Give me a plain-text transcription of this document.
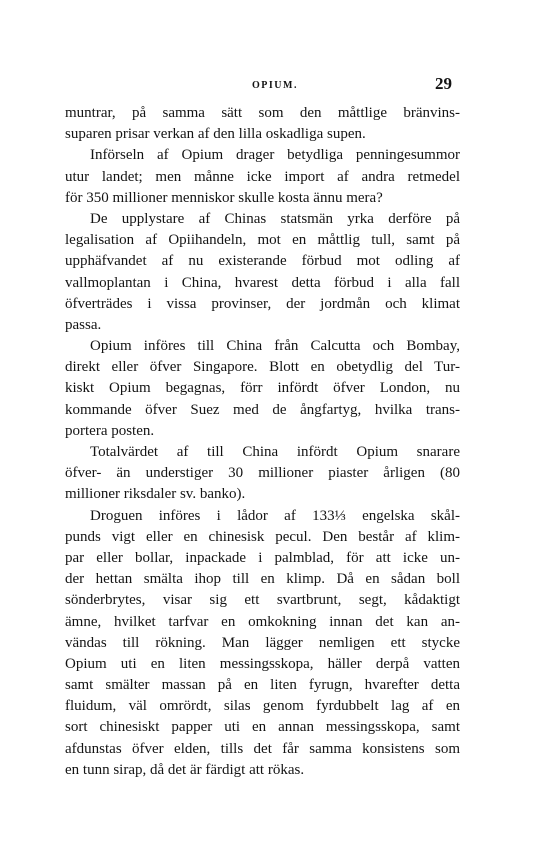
OPIUM.	29
muntrar, på samma sätt som den måttlige bränvins-
suparen prisar verkan af den lilla oskadliga supen.
Införseln af Opium drager betydliga penningesummor
utur landet; men månne icke import af andra retmedel
för 350 millioner menniskor skulle kosta ännu mera?
De upplystare af Chinas statsmän yrka derföre på
legalisation af Opiihandeln, mot en måttlig tull, samt på
upphäfvandet af nu existerande förbud mot odling af
vallmoplantan i China, hvarest detta förbud i alla fall
öfverträdes i vissa provinser, der jordmån och klimat
passa.
Opium införes till China från Calcutta och Bombay,
direkt eller öfver Singapore. Blott en obetydlig del Tur-
kiskt Opium begagnas, förr infördt öfver London, nu
kommande öfver Suez med de ångfartyg, hvilka trans-
portera posten.
Totalvärdet af till China infördt Opium snarare
öfver- än understiger 30 millioner piaster årligen (80
millioner riksdaler sv. banko).
Droguen införes i lådor af 133⅓ engelska skål-
punds vigt eller en chinesisk pecul. Den består af klim-
par eller bollar, inpackade i palmblad, för att icke un-
der hettan smälta ihop till en klimp. Då en sådan boll
sönderbrytes, visar sig ett svartbrunt, segt, kådaktigt
ämne, hvilket tarfvar en omkokning innan det kan an-
vändas till rökning. Man lägger nemligen ett stycke
Opium uti en liten messingsskopa, häller derpå vatten
samt smälter massan på en liten fyrugn, hvarefter detta
fluidum, väl omrördt, silas genom fyrdubbelt lag af en
sort chinesiskt papper uti en annan messingsskopa, samt
afdunstas öfver elden, tills det får samma konsistens som
en tunn sirap, då det är färdigt att rökas.
